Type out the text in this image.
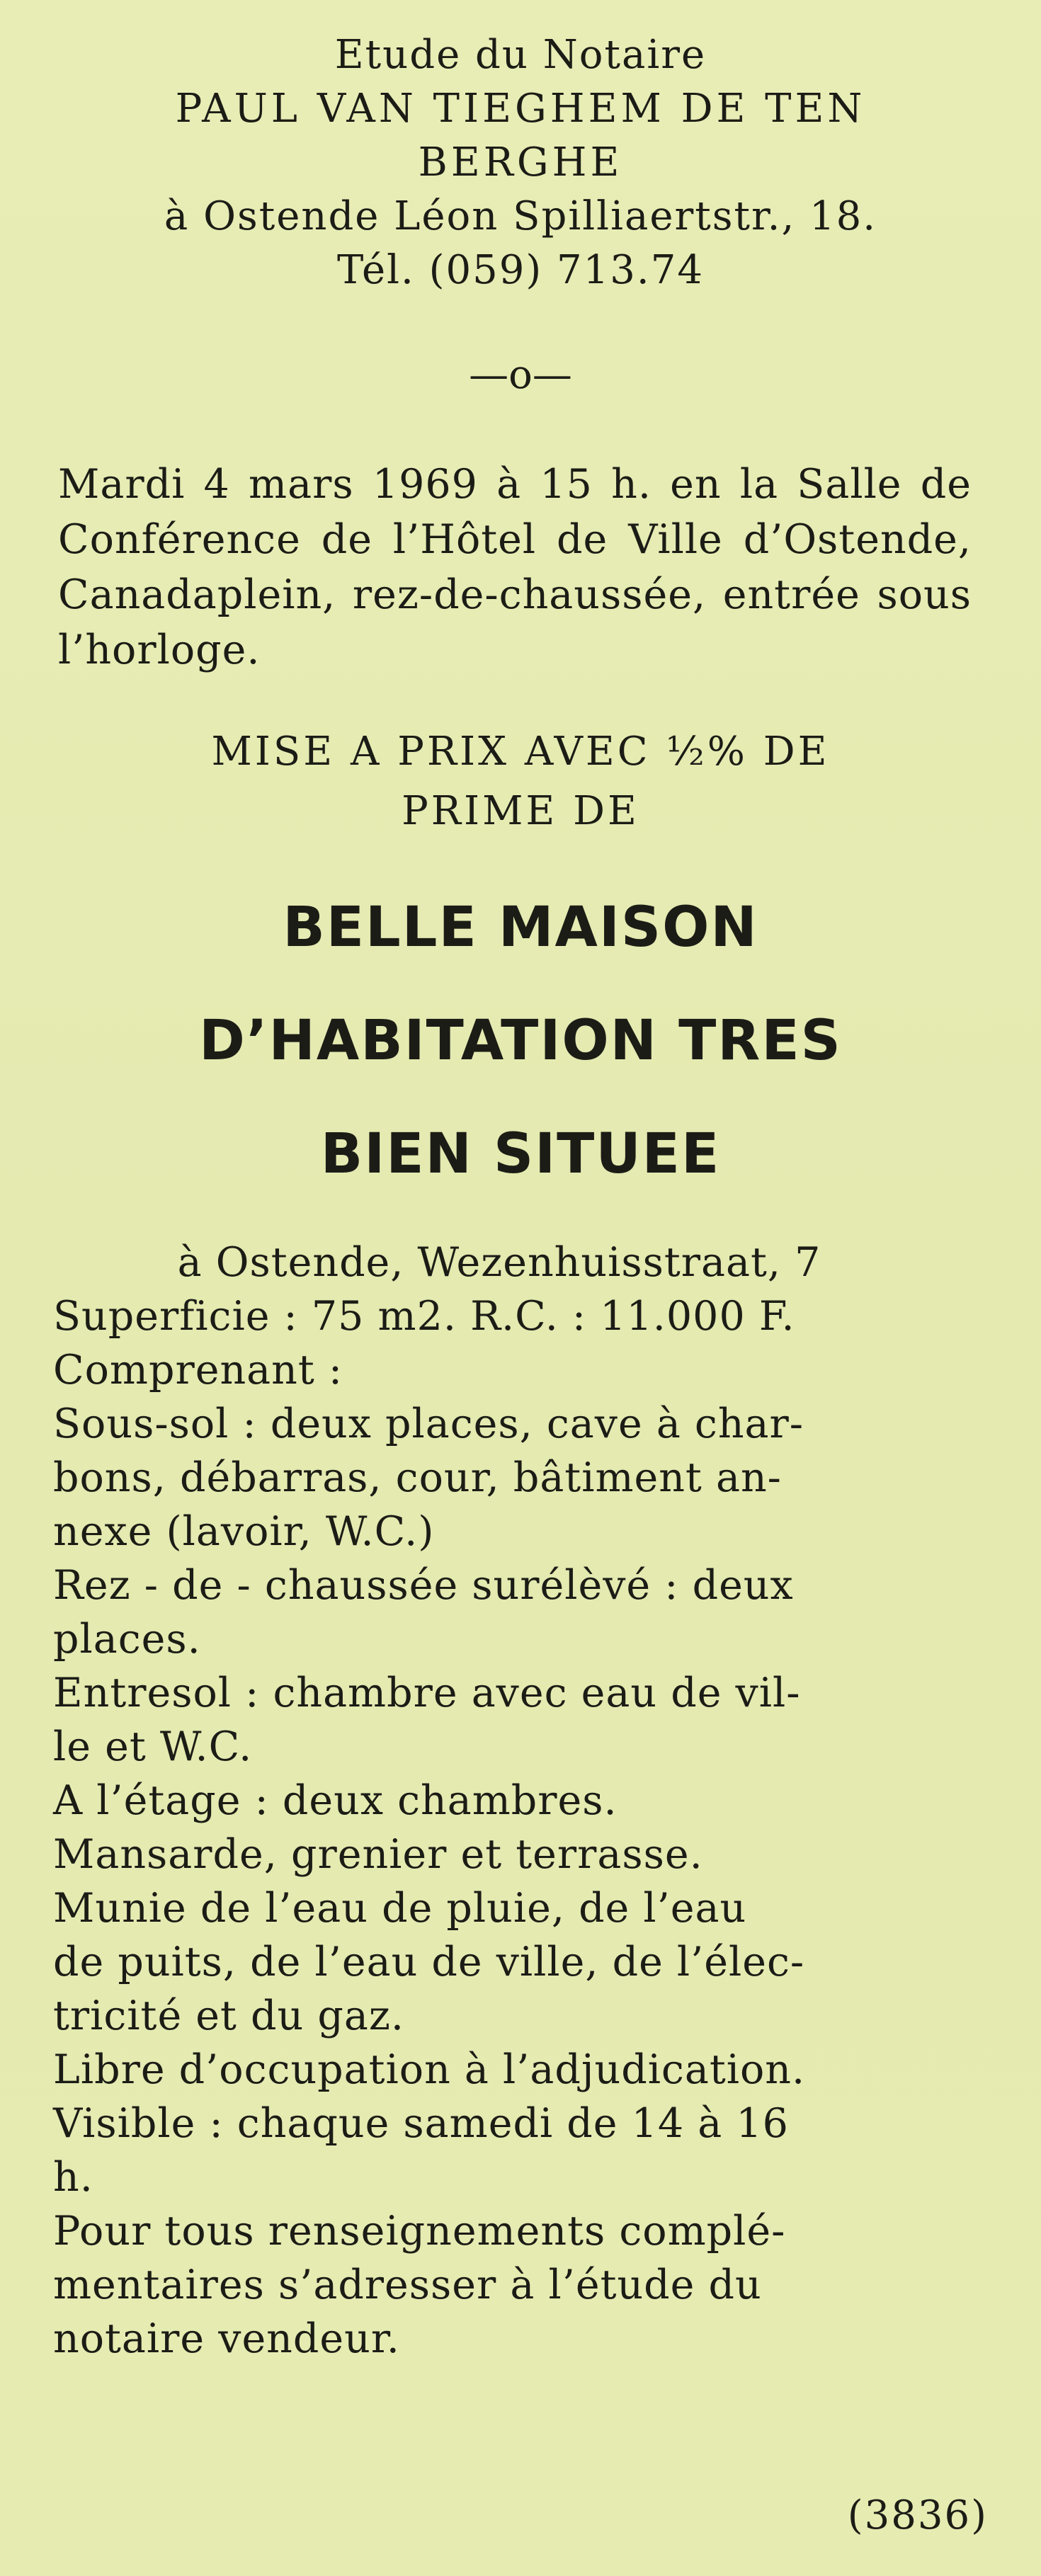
Etude du Notaire
PAUL VAN TIEGHEM DE TEN
BERGHE
à Ostende Léon Spilliaertstr., 18.
Tél. (059) 713.74
—o—
Mardi 4 mars 1969 à 15 h. en la Salle de Conférence de l’Hôtel de Ville d’Ostende, Canadaplein, rez-de-chaussée, entrée sous l’horloge.
MISE A PRIX AVEC ½% DE
PRIME DE
BELLE MAISON
D’HABITATION TRES
BIEN SITUEE
à Ostende, Wezenhuisstraat, 7
Superficie : 75 m2. R.C. : 11.000 F.
Comprenant :
Sous-sol : deux places, cave à char-
bons, débarras, cour, bâtiment an-
nexe (lavoir, W.C.)
Rez - de - chaussée surélèvé : deux
places.
Entresol : chambre avec eau de vil-
le et W.C.
A l’étage : deux chambres.
Mansarde, grenier et terrasse.
Munie de l’eau de pluie, de l’eau
de puits, de l’eau de ville, de l’élec-
tricité et du gaz.
Libre d’occupation à l’adjudication.
Visible : chaque samedi de 14 à 16
h.
Pour tous renseignements complé-
mentaires s’adresser à l’étude du
notaire vendeur.
(3836)
